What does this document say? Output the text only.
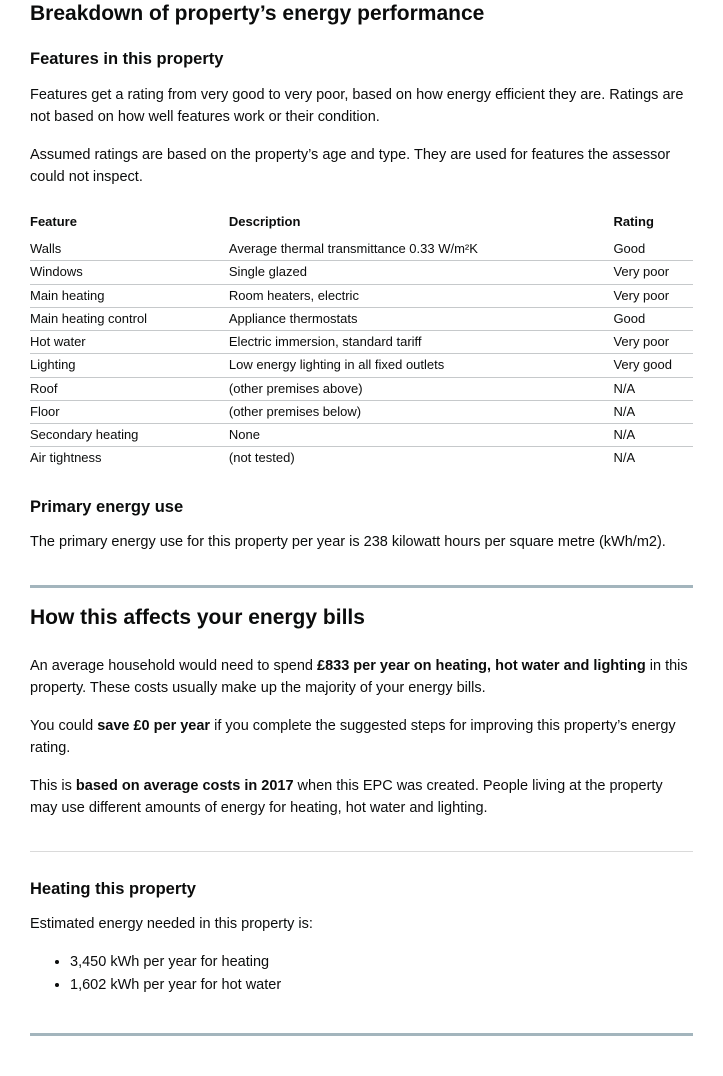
Breakdown of property’s energy performance
Features in this property

Features get a rating from very good to very poor, based on how energy efficient they are. Ratings are not based on how well features work or their condition.

Assumed ratings are based on the property’s age and type. They are used for features the assessor could not inspect.

Feature	Description	Rating
Walls	Average thermal transmittance 0.33 W/m²K	Good
Windows	Single glazed	Very poor
Main heating	Room heaters, electric	Very poor
Main heating control	Appliance thermostats	Good
Hot water	Electric immersion, standard tariff	Very poor
Lighting	Low energy lighting in all fixed outlets	Very good
Roof	(other premises above)	N/A
Floor	(other premises below)	N/A
Secondary heating	None	N/A
Air tightness	(not tested)	N/A
Primary energy use

The primary energy use for this property per year is 238 kilowatt hours per square metre (kWh/m2).

How this affects your energy bills

An average household would need to spend £833 per year on heating, hot water and lighting in this property. These costs usually make up the majority of your energy bills.

You could save £0 per year if you complete the suggested steps for improving this property’s energy rating.

This is based on average costs in 2017 when this EPC was created. People living at the property may use different amounts of energy for heating, hot water and lighting.

Heating this property

Estimated energy needed in this property is:

• 3,450 kWh per year for heating
• 1,602 kWh per year for hot water
